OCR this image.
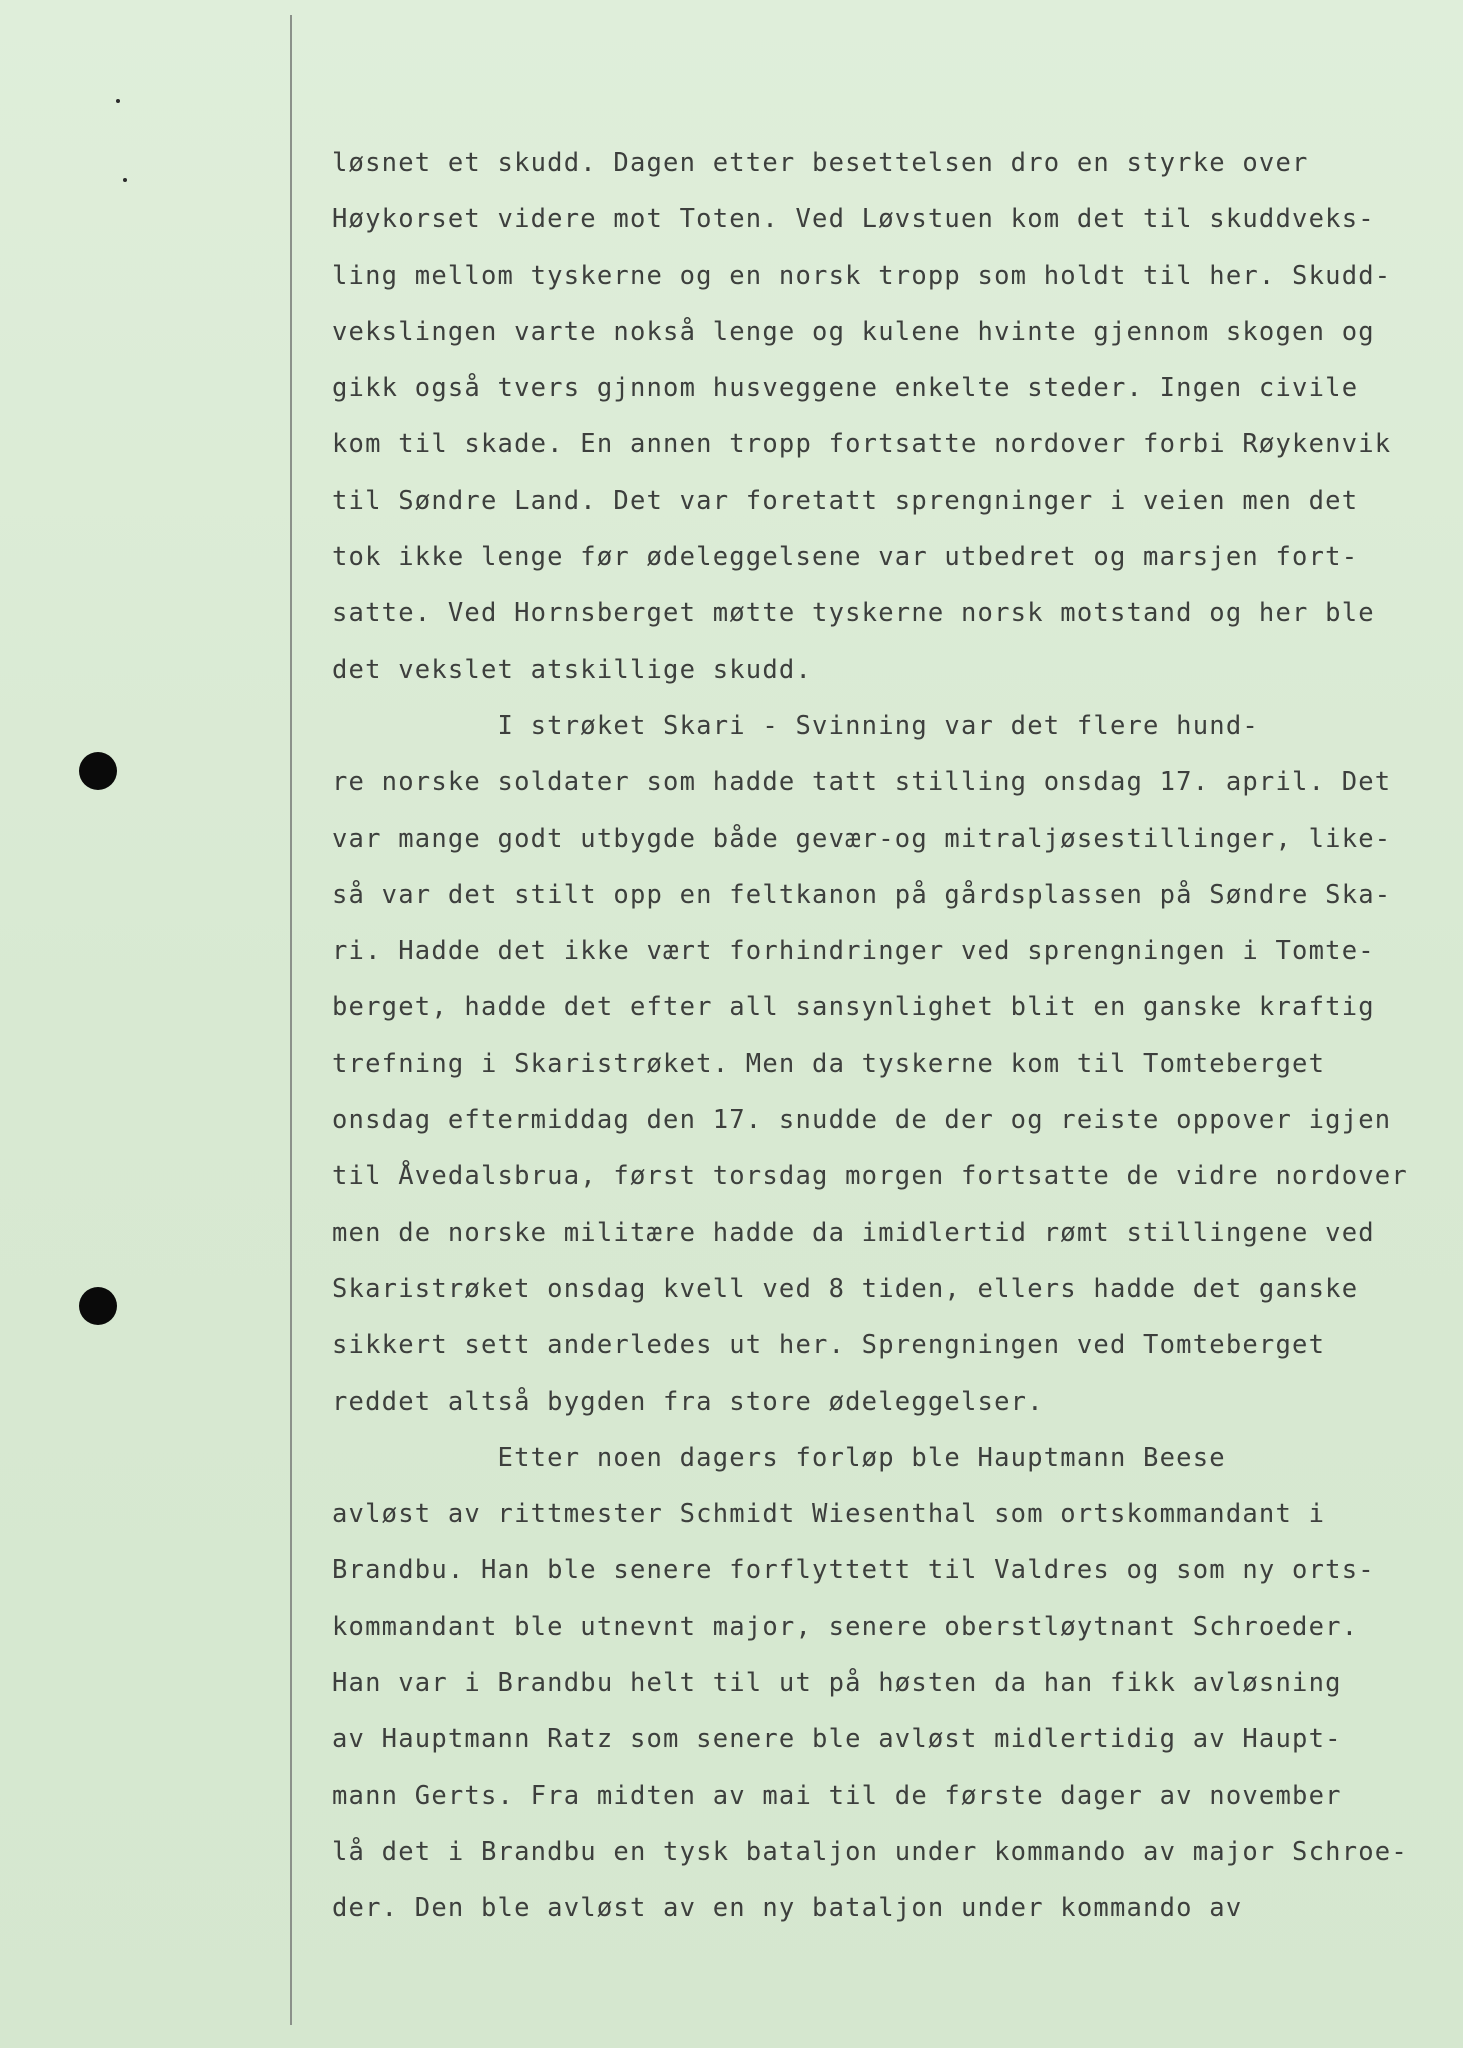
løsnet et skudd. Dagen etter besettelsen dro en styrke over
Høykorset videre mot Toten. Ved Løvstuen kom det til skuddveks-
ling mellom tyskerne og en norsk tropp som holdt til her. Skudd-
vekslingen varte nokså lenge og kulene hvinte gjennom skogen og
gikk også tvers gjnnom husveggene enkelte steder. Ingen civile
kom til skade. En annen tropp fortsatte nordover forbi Røykenvik
til Søndre Land. Det var foretatt sprengninger i veien men det
tok ikke lenge før ødeleggelsene var utbedret og marsjen fort-
satte. Ved Hornsberget møtte tyskerne norsk motstand og her ble
det vekslet atskillige skudd.
I strøket Skari - Svinning var det flere hund-
re norske soldater som hadde tatt stilling onsdag 17. april. Det
var mange godt utbygde både gevær-og mitraljøsestillinger, like-
så var det stilt opp en feltkanon på gårdsplassen på Søndre Ska-
ri. Hadde det ikke vært forhindringer ved sprengningen i Tomte-
berget, hadde det efter all sansynlighet blit en ganske kraftig
trefning i Skaristrøket. Men da tyskerne kom til Tomteberget
onsdag eftermiddag den 17. snudde de der og reiste oppover igjen
til Åvedalsbrua, først torsdag morgen fortsatte de vidre nordover
men de norske militære hadde da imidlertid rømt stillingene ved
Skaristrøket onsdag kvell ved 8 tiden, ellers hadde det ganske
sikkert sett anderledes ut her. Sprengningen ved Tomteberget
reddet altså bygden fra store ødeleggelser.
Etter noen dagers forløp ble Hauptmann Beese
avløst av rittmester Schmidt Wiesenthal som ortskommandant i
Brandbu. Han ble senere forflyttett til Valdres og som ny orts-
kommandant ble utnevnt major, senere oberstløytnant Schroeder.
Han var i Brandbu helt til ut på høsten da han fikk avløsning
av Hauptmann Ratz som senere ble avløst midlertidig av Haupt-
mann Gerts. Fra midten av mai til de første dager av november
lå det i Brandbu en tysk bataljon under kommando av major Schroe-
der. Den ble avløst av en ny bataljon under kommando av
